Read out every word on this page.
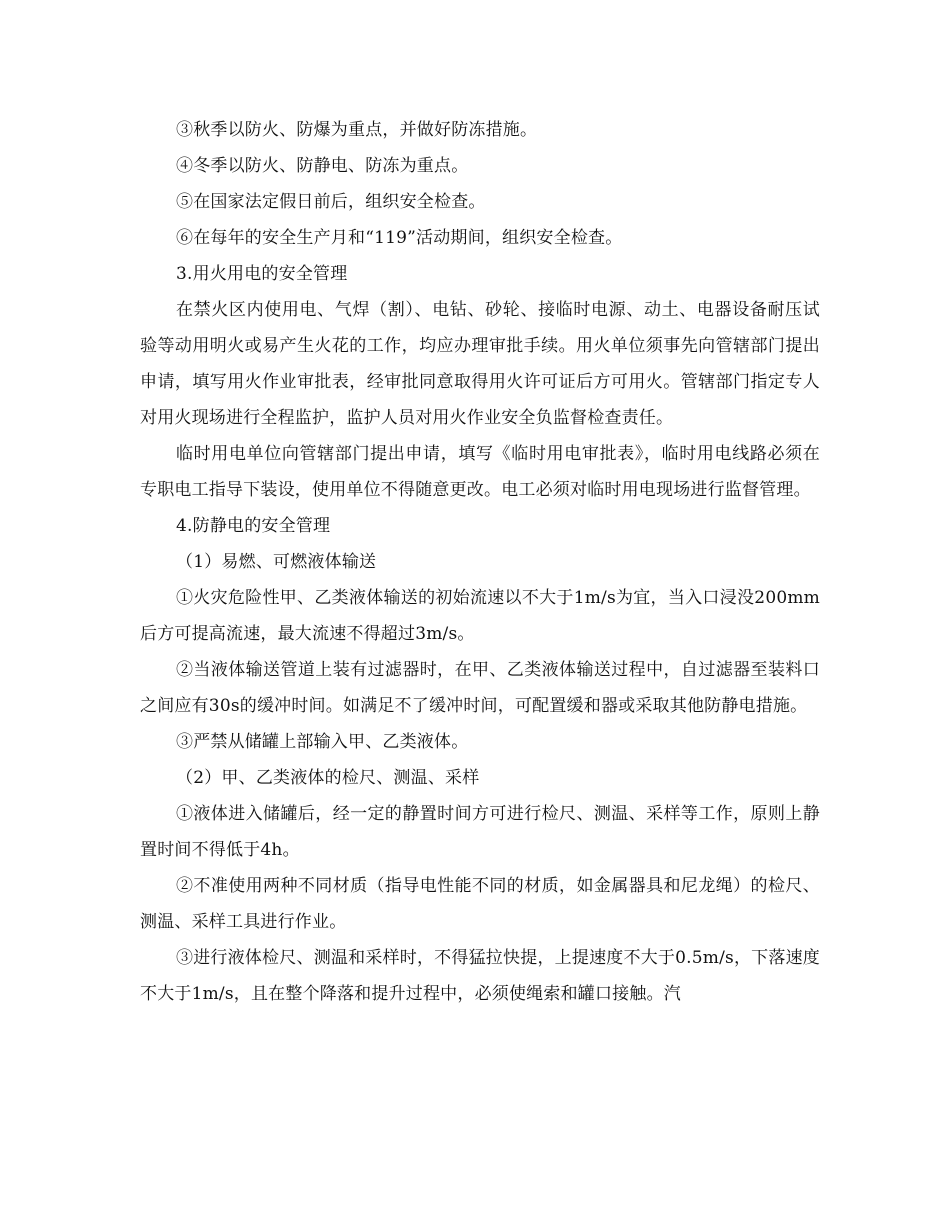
③秋季以防火、防爆为重点，并做好防冻措施。

④冬季以防火、防静电、防冻为重点。

⑤在国家法定假日前后，组织安全检查。

⑥在每年的安全生产月和“119”活动期间，组织安全检查。

3.用火用电的安全管理

在禁火区内使用电、气焊（割）、电钻、砂轮、接临时电源、动土、电器设备耐压试验等动用明火或易产生火花的工作，均应办理审批手续。用火单位须事先向管辖部门提出申请，填写用火作业审批表，经审批同意取得用火许可证后方可用火。管辖部门指定专人对用火现场进行全程监护，监护人员对用火作业安全负监督检查责任。

临时用电单位向管辖部门提出申请，填写《临时用电审批表》，临时用电线路必须在专职电工指导下装设，使用单位不得随意更改。电工必须对临时用电现场进行监督管理。

4.防静电的安全管理

（1）易燃、可燃液体输送

①火灾危险性甲、乙类液体输送的初始流速以不大于1m/s为宜，当入口浸没200mm后方可提高流速，最大流速不得超过3m/s。

②当液体输送管道上装有过滤器时，在甲、乙类液体输送过程中，自过滤器至装料口之间应有30s的缓冲时间。如满足不了缓冲时间，可配置缓和器或采取其他防静电措施。

③严禁从储罐上部输入甲、乙类液体。

（2）甲、乙类液体的检尺、测温、采样

①液体进入储罐后，经一定的静置时间方可进行检尺、测温、采样等工作，原则上静置时间不得低于4h。

②不准使用两种不同材质（指导电性能不同的材质，如金属器具和尼龙绳）的检尺、测温、采样工具进行作业。

③进行液体检尺、测温和采样时，不得猛拉快提，上提速度不大于0.5m/s，下落速度不大于1m/s，且在整个降落和提升过程中，必须使绳索和罐口接触。汽
